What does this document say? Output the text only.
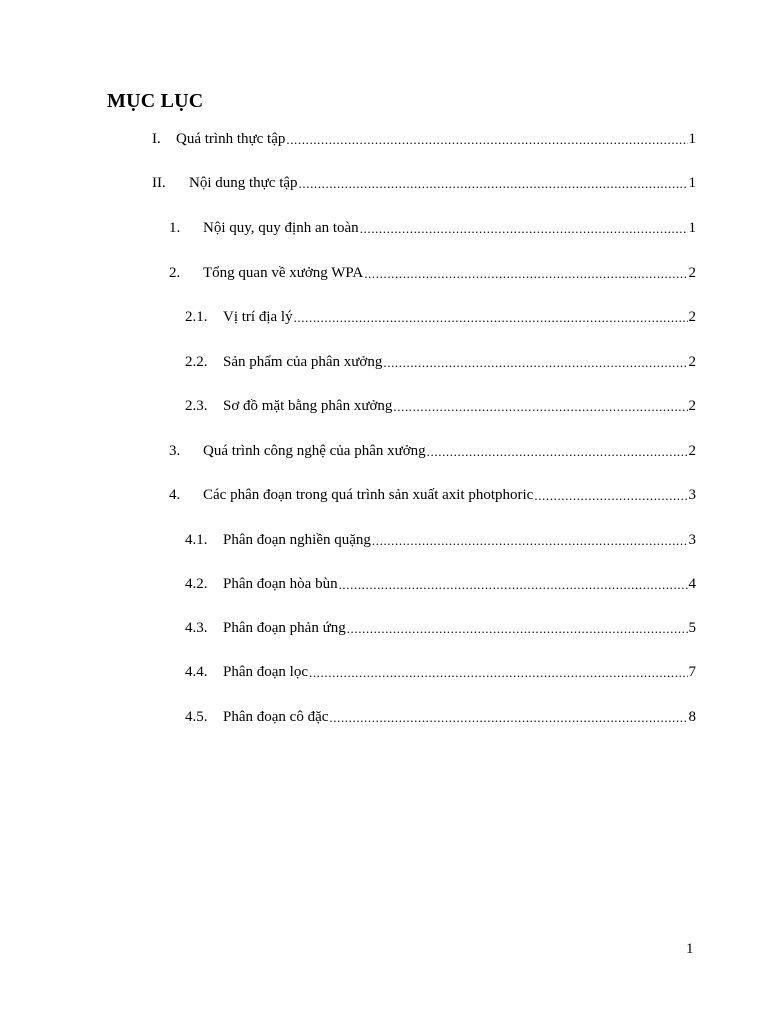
MỤC LỤC
I.	Quá trình thực tập .....	1
II.	Nội dung thực tập .....	1
1.	Nội quy, quy định an toàn .....	1
2.	Tổng quan về xưởng WPA .....	2
2.1.	Vị trí địa lý .....	2
2.2.	Sản phẩm của phân xưởng .....	2
2.3.	Sơ đồ mặt bằng phân xưởng .....	2
3.	Quá trình công nghệ của phân xưởng .....	2
4.	Các phân đoạn trong quá trình sản xuất axit photphoric .....	3
4.1.	Phân đoạn nghiền quặng .....	3
4.2.	Phân đoạn hòa bùn .....	4
4.3.	Phân đoạn phản ứng .....	5
4.4.	Phân đoạn lọc .....	7
4.5.	Phân đoạn cô đặc .....	8
1
